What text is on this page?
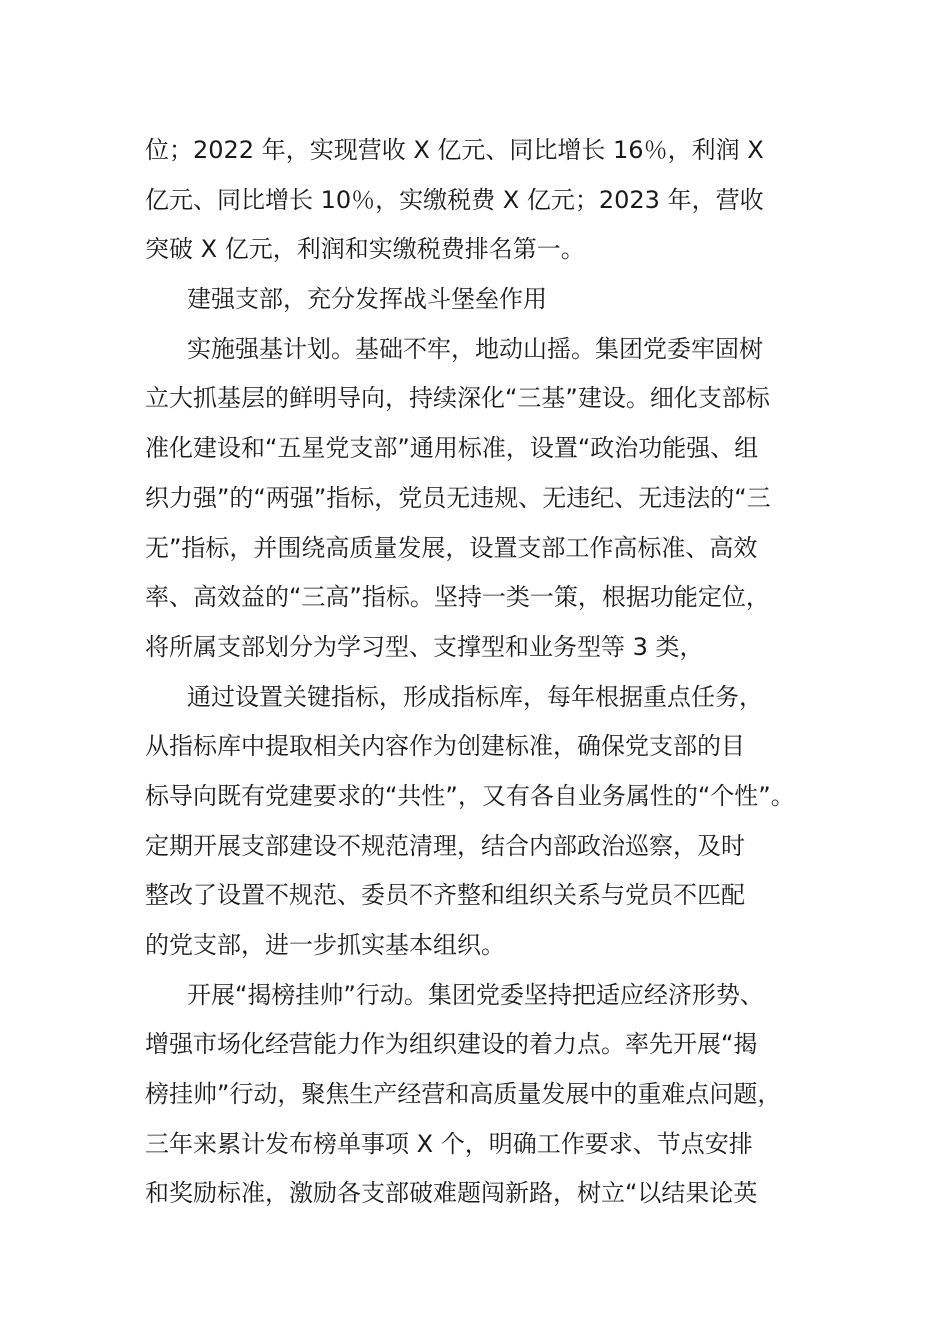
位；2022 年，实现营收 X 亿元、同比增长 16％，利润 X
亿元、同比增长 10％，实缴税费 X 亿元；2023 年，营收
突破 X 亿元，利润和实缴税费排名第一。
建强支部，充分发挥战斗堡垒作用
实施强基计划。基础不牢，地动山摇。集团党委牢固树
立大抓基层的鲜明导向，持续深化“三基”建设。细化支部标
准化建设和“五星党支部”通用标准，设置“政治功能强、组
织力强”的“两强”指标，党员无违规、无违纪、无违法的“三
无”指标，并围绕高质量发展，设置支部工作高标准、高效
率、高效益的“三高”指标。坚持一类一策，根据功能定位，
将所属支部划分为学习型、支撑型和业务型等 3 类，
通过设置关键指标，形成指标库，每年根据重点任务，
从指标库中提取相关内容作为创建标准，确保党支部的目
标导向既有党建要求的“共性”，又有各自业务属性的“个性”。
定期开展支部建设不规范清理，结合内部政治巡察，及时
整改了设置不规范、委员不齐整和组织关系与党员不匹配
的党支部，进一步抓实基本组织。
开展“揭榜挂帅”行动。集团党委坚持把适应经济形势、
增强市场化经营能力作为组织建设的着力点。率先开展“揭
榜挂帅”行动，聚焦生产经营和高质量发展中的重难点问题，
三年来累计发布榜单事项 X 个，明确工作要求、节点安排
和奖励标准，激励各支部破难题闯新路，树立“以结果论英
